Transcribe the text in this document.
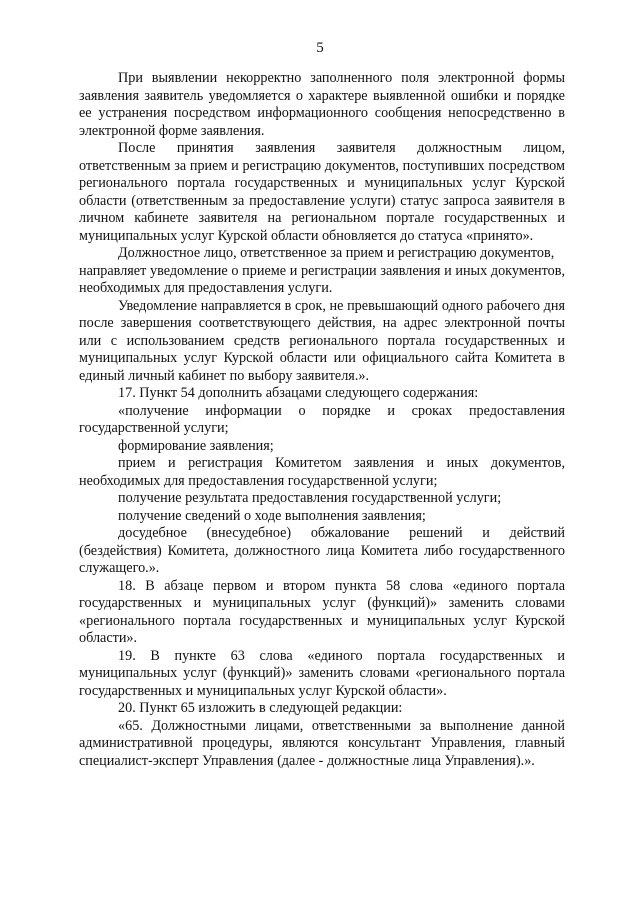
5

При выявлении некорректно заполненного поля электронной формы заявления заявитель уведомляется о характере выявленной ошибки и порядке ее устранения посредством информационного сообщения непосредственно в электронной форме заявления.

После принятия заявления заявителя должностным лицом, ответственным за прием и регистрацию документов, поступивших посредством регионального портала государственных и муниципальных услуг Курской области (ответственным за предоставление услуги) статус запроса заявителя в личном кабинете заявителя на региональном портале государственных и муниципальных услуг Курской области обновляется до статуса «принято».

Должностное лицо, ответственное за прием и регистрацию документов,

направляет уведомление о приеме и регистрации заявления и иных документов, необходимых для предоставления услуги.

Уведомление направляется в срок, не превышающий одного рабочего дня после завершения соответствующего действия, на адрес электронной почты или с использованием средств регионального портала государственных и муниципальных услуг Курской области или официального сайта Комитета в единый личный кабинет по выбору заявителя.».

17. Пункт 54 дополнить абзацами следующего содержания:

«получение информации о порядке и сроках предоставления государственной услуги;

формирование заявления;

прием и регистрация Комитетом заявления и иных документов, необходимых для предоставления государственной услуги;

получение результата предоставления государственной услуги;

получение сведений о ходе выполнения заявления;

досудебное (внесудебное) обжалование решений и действий (бездействия) Комитета, должностного лица Комитета либо государственного служащего.».

18. В абзаце первом и втором пункта 58 слова «единого портала государственных и муниципальных услуг (функций)» заменить словами «регионального портала государственных и муниципальных услуг Курской области».

19. В пункте 63 слова «единого портала государственных и муниципальных услуг (функций)» заменить словами «регионального портала государственных и муниципальных услуг Курской области».

20. Пункт 65 изложить в следующей редакции:

«65. Должностными лицами, ответственными за выполнение данной административной процедуры, являются консультант Управления, главный специалист-эксперт Управления (далее - должностные лица Управления).».
